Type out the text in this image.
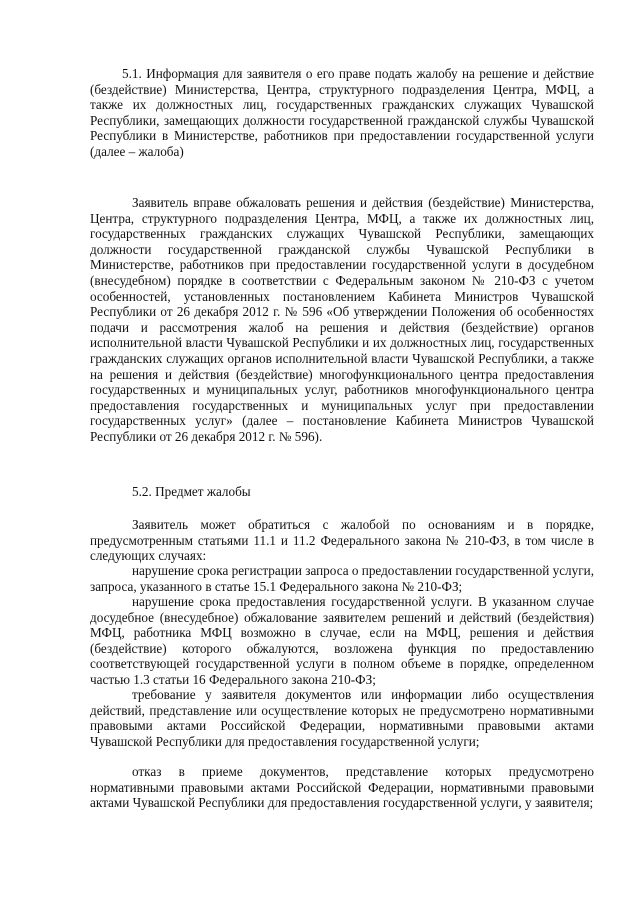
5.1. Информация для заявителя о его праве подать жалобу на решение и действие (бездействие) Министерства, Центра, структурного подразделения Центра, МФЦ, а также их должностных лиц, государственных гражданских служащих Чувашской Республики, замещающих должности государственной гражданской службы Чувашской Республики в Министерстве, работников при предоставлении государственной услуги (далее – жалоба)

Заявитель вправе обжаловать решения и действия (бездействие) Министерства, Центра, структурного подразделения Центра, МФЦ, а также их должностных лиц, государственных гражданских служащих Чувашской Республики, замещающих должности государственной гражданской службы Чувашской Республики в Министерстве, работников при предоставлении государственной услуги в досудебном (внесудебном) порядке в соответствии с Федеральным законом № 210-ФЗ с учетом особенностей, установленных постановлением Кабинета Министров Чувашской Республики от 26 декабря 2012 г. № 596 «Об утверждении Положения об особенностях подачи и рассмотрения жалоб на решения и действия (бездействие) органов исполнительной власти Чувашской Республики и их должностных лиц, государственных гражданских служащих органов исполнительной власти Чувашской Республики, а также на решения и действия (бездействие) многофункционального центра предоставления государственных и муниципальных услуг, работников многофункционального центра предоставления государственных и муниципальных услуг при предоставлении государственных услуг» (далее – постановление Кабинета Министров Чувашской Республики от 26 декабря 2012 г. № 596).

5.2. Предмет жалобы

Заявитель может обратиться с жалобой по основаниям и в порядке, предусмотренным статьями 11.1 и 11.2 Федерального закона № 210-ФЗ, в том числе в следующих случаях:

нарушение срока регистрации запроса о предоставлении государственной услуги, запроса, указанного в статье 15.1 Федерального закона № 210-ФЗ;

нарушение срока предоставления государственной услуги. В указанном случае досудебное (внесудебное) обжалование заявителем решений и действий (бездействия) МФЦ, работника МФЦ возможно в случае, если на МФЦ, решения и действия (бездействие) которого обжалуются, возложена функция по предоставлению соответствующей государственной услуги в полном объеме в порядке, определенном частью 1.3 статьи 16 Федерального закона 210-ФЗ;

требование у заявителя документов или информации либо осуществления действий, представление или осуществление которых не предусмотрено нормативными правовыми актами Российской Федерации, нормативными правовыми актами Чувашской Республики для предоставления государственной услуги;

отказ в приеме документов, представление которых предусмотрено нормативными правовыми актами Российской Федерации, нормативными правовыми актами Чувашской Республики для предоставления государственной услуги, у заявителя;
